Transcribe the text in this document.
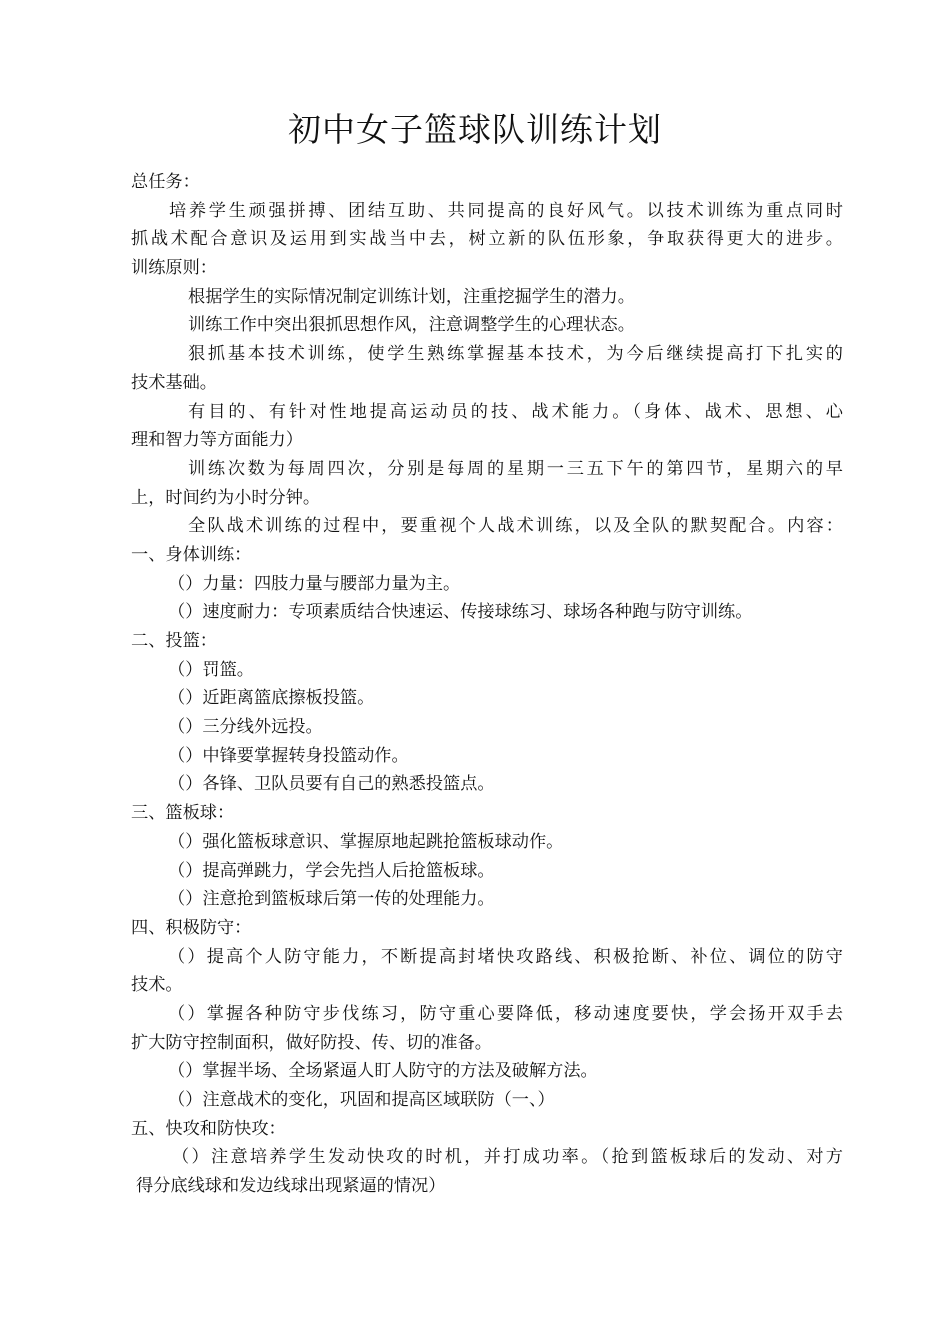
初中女子篮球队训练计划
总任务：
培养学生顽强拼搏、团结互助、共同提高的良好风气。以技术训练为重点同时
抓战术配合意识及运用到实战当中去，树立新的队伍形象，争取获得更大的进步。
训练原则：
根据学生的实际情况制定训练计划，注重挖掘学生的潜力。
训练工作中突出狠抓思想作风，注意调整学生的心理状态。
狠抓基本技术训练，使学生熟练掌握基本技术，为今后继续提高打下扎实的
技术基础。
有目的、有针对性地提高运动员的技、战术能力。（身体、战术、思想、心
理和智力等方面能力）
训练次数为每周四次，分别是每周的星期一三五下午的第四节，星期六的早
上，时间约为小时分钟。
全队战术训练的过程中，要重视个人战术训练，以及全队的默契配合。内容：
一、身体训练：
（）力量：四肢力量与腰部力量为主。
（）速度耐力：专项素质结合快速运、传接球练习、球场各种跑与防守训练。
二、投篮：
（）罚篮。
（）近距离篮底擦板投篮。
（）三分线外远投。
（）中锋要掌握转身投篮动作。
（）各锋、卫队员要有自己的熟悉投篮点。
三、篮板球：
（）强化篮板球意识、掌握原地起跳抢篮板球动作。
（）提高弹跳力，学会先挡人后抢篮板球。
（）注意抢到篮板球后第一传的处理能力。
四、积极防守：
（）提高个人防守能力，不断提高封堵快攻路线、积极抢断、补位、调位的防守
技术。
（）掌握各种防守步伐练习，防守重心要降低，移动速度要快，学会扬开双手去
扩大防守控制面积，做好防投、传、切的准备。
（）掌握半场、全场紧逼人盯人防守的方法及破解方法。
（）注意战术的变化，巩固和提高区域联防（一、）
五、快攻和防快攻：
（）注意培养学生发动快攻的时机，并打成功率。（抢到篮板球后的发动、对方
得分底线球和发边线球出现紧逼的情况）
